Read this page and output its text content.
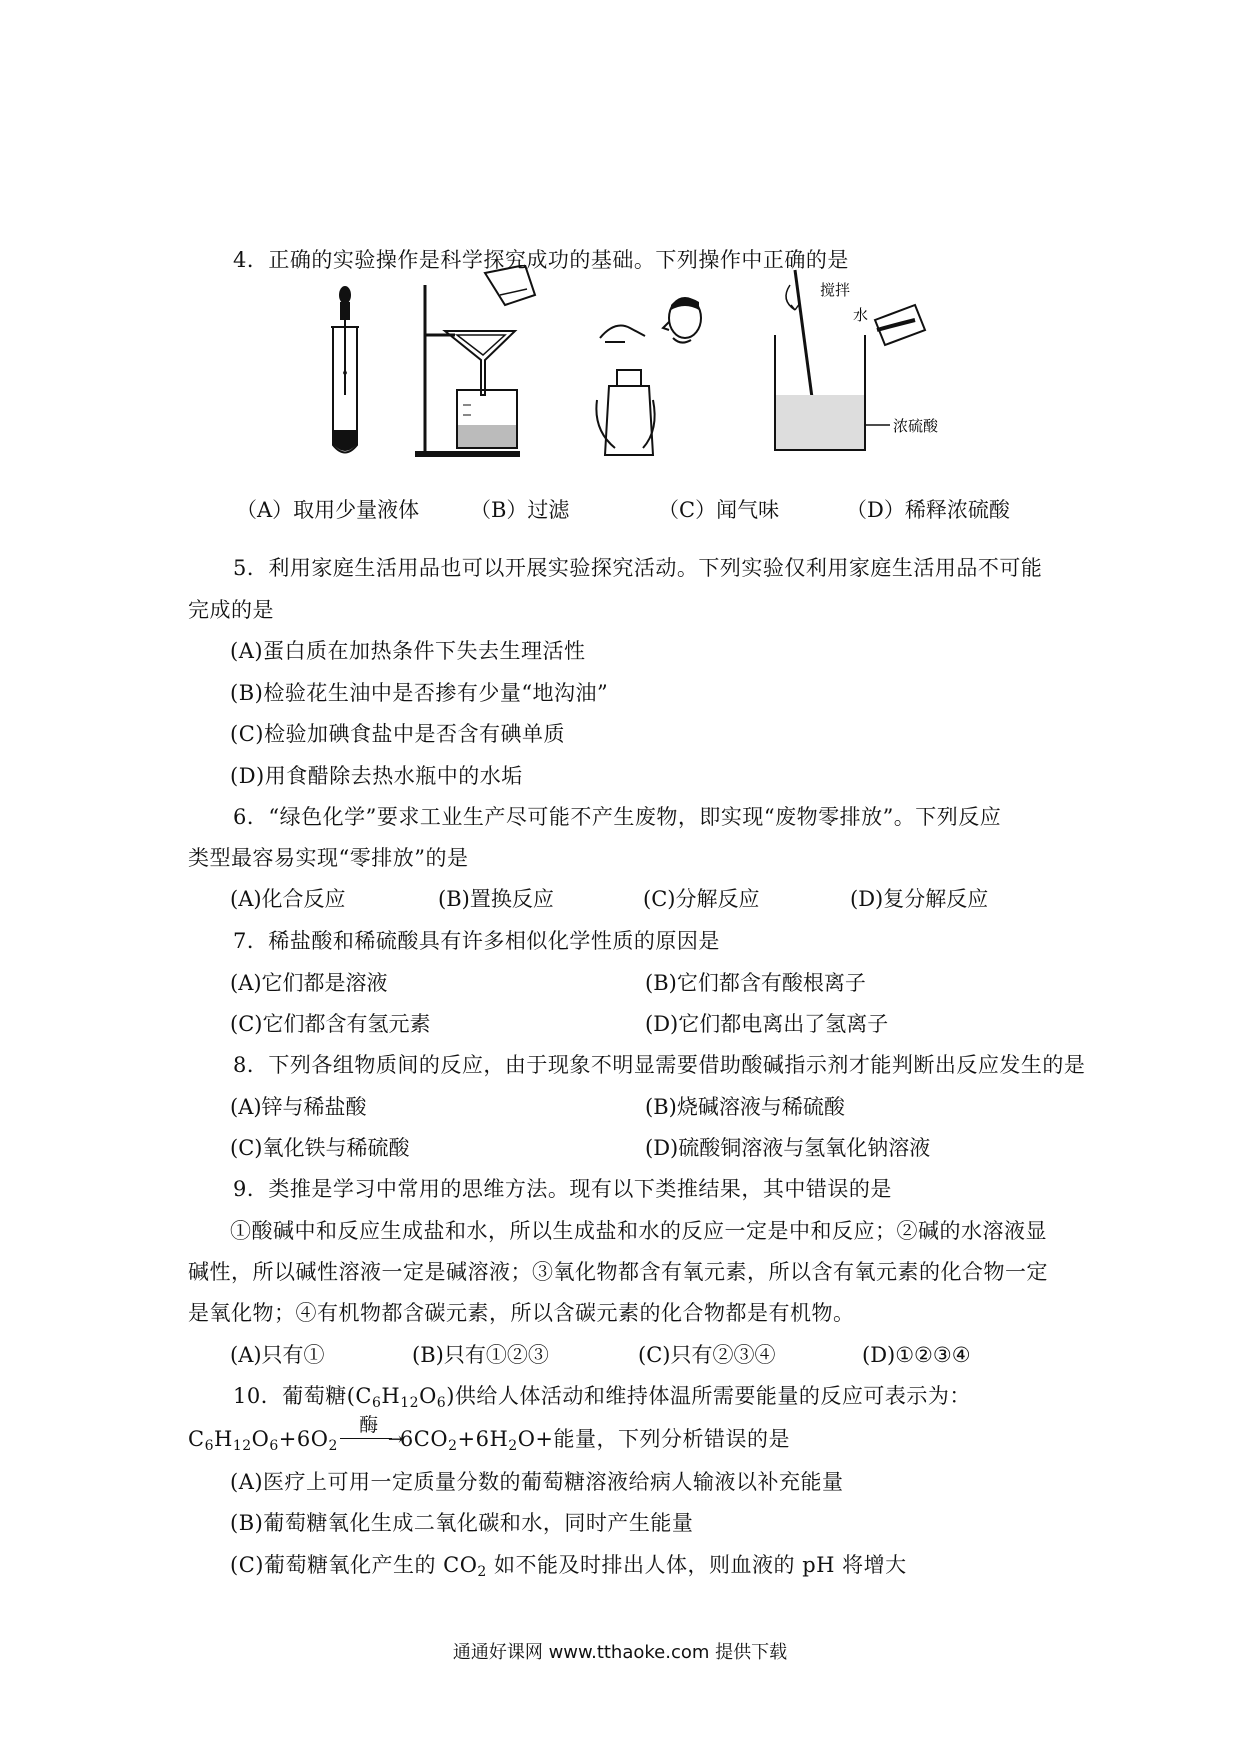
4．正确的实验操作是科学探究成功的基础。下列操作中正确的是
搅拌
水
浓硫酸
（A）取用少量液体 （B）过滤	（C）闻气味	（D）稀释浓硫酸
5．利用家庭生活用品也可以开展实验探究活动。下列实验仅利用家庭生活用品不可能
完成的是
(A)蛋白质在加热条件下失去生理活性
(B)检验花生油中是否掺有少量“地沟油”
(C)检验加碘食盐中是否含有碘单质
(D)用食醋除去热水瓶中的水垢
6．“绿色化学”要求工业生产尽可能不产生废物，即实现“废物零排放”。下列反应
类型最容易实现“零排放”的是
(A)化合反应	(B)置换反应	(C)分解反应	(D)复分解反应
7．稀盐酸和稀硫酸具有许多相似化学性质的原因是
(A)它们都是溶液	(B)它们都含有酸根离子
(C)它们都含有氢元素	(D)它们都电离出了氢离子
8．下列各组物质间的反应，由于现象不明显需要借助酸碱指示剂才能判断出反应发生的是
(A)锌与稀盐酸	(B)烧碱溶液与稀硫酸
(C)氧化铁与稀硫酸	(D)硫酸铜溶液与氢氧化钠溶液
9．类推是学习中常用的思维方法。现有以下类推结果，其中错误的是
①酸碱中和反应生成盐和水，所以生成盐和水的反应一定是中和反应；②碱的水溶液显
碱性，所以碱性溶液一定是碱溶液；③氧化物都含有氧元素，所以含有氧元素的化合物一定
是氧化物；④有机物都含碳元素，所以含碳元素的化合物都是有机物。
(A)只有①	(B)只有①②③	(C)只有②③④	(D)①②③④
10．葡萄糖$(C_6H_{12}O_6)$供给人体活动和维持体温所需要能量的反应可表示为：
$C_6H_{12}O_6+6O_2$
酶
→
$6CO_2+6H_2O+$能量，下列分析错误的是
(A)医疗上可用一定质量分数的葡萄糖溶液给病人输液以补充能量
(B)葡萄糖氧化生成二氧化碳和水，同时产生能量
(C)葡萄糖氧化产生的 $CO_2$ 如不能及时排出人体，则血液的 pH 将增大
通通好课网 www.tthaoke.com 提供下载
